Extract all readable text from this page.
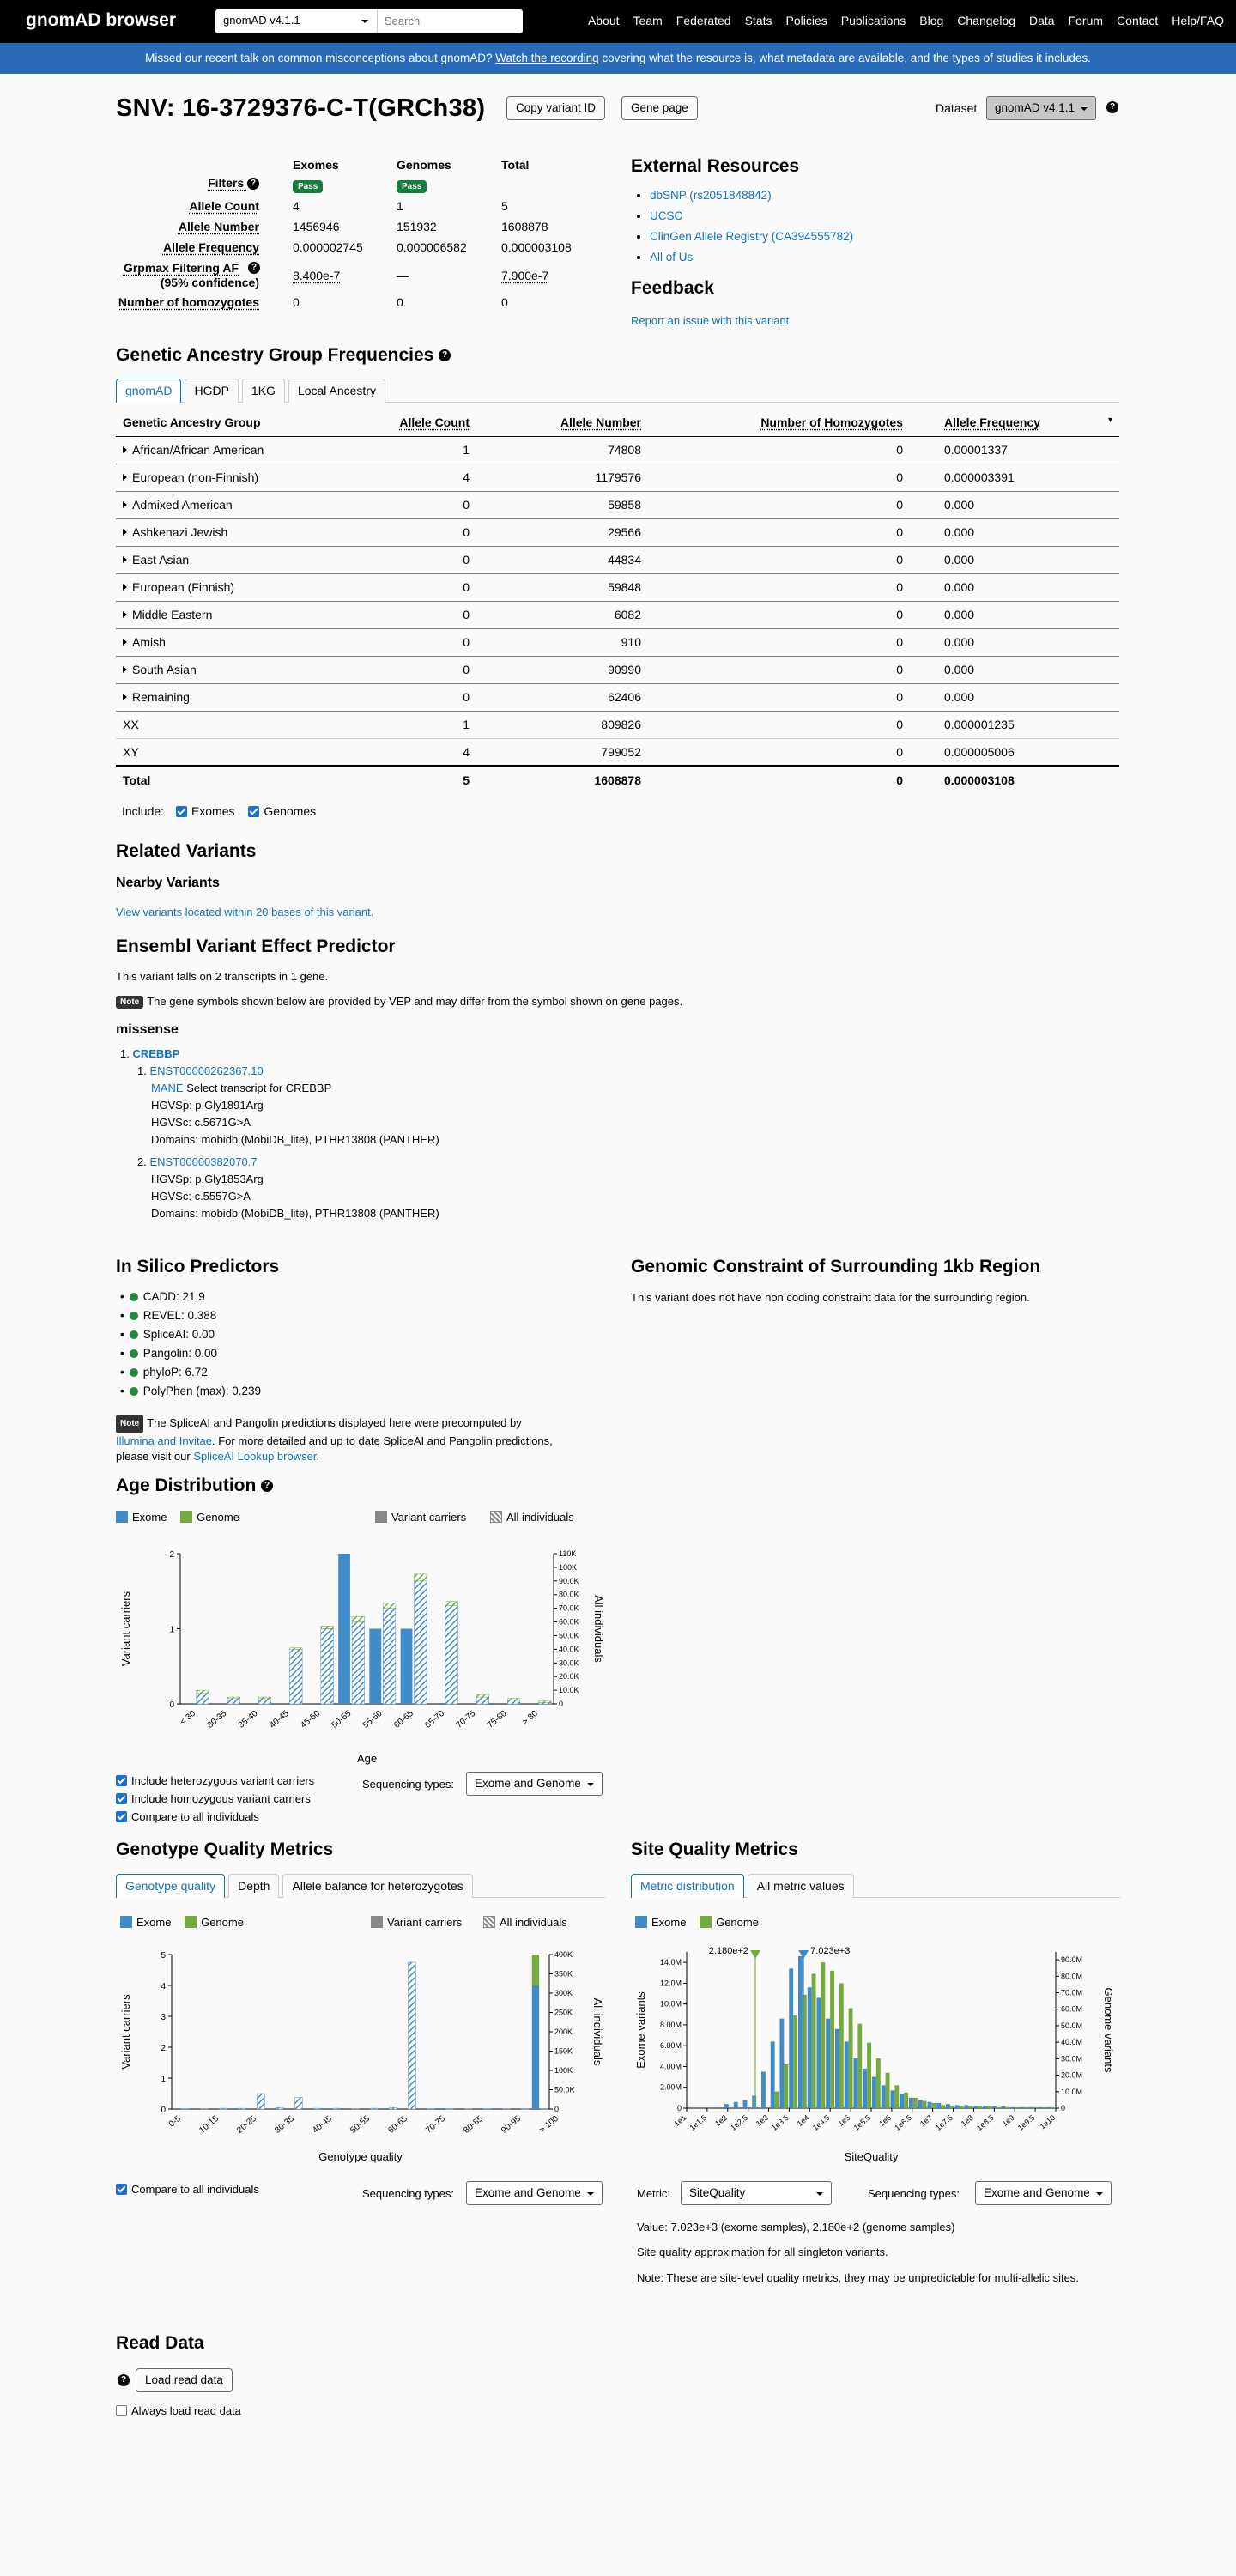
gnomAD browser	gnomAD v4.1.1	Search	About Team Federated Stats Policies Publications Blog Changelog Data Forum Contact Help/FAQ
Missed our recent talk on common misconceptions about gnomAD? Watch the recording covering what the resource is, what metadata are available, and the types of studies it includes.
SNV: 16-3729376-C-T(GRCh38)	Copy variant ID	Gene page	Dataset	gnomAD v4.1.1	?
Exomes	Genomes	Total
Filters ?	Pass	Pass
Allele Count	4	1	5
Allele Number	1456946	151932	1608878
Allele Frequency	0.000002745	0.000006582	0.000003108
Grpmax Filtering AF	?
(95% confidence)	8.400e-7	—	7.900e-7
Number of homozygotes	0	0	0
External Resources
• dbSNP (rs2051848842)
• UCSC
• ClinGen Allele Registry (CA394555782)
• All of Us
Feedback
Report an issue with this variant
Genetic Ancestry Group Frequencies ?
gnomAD	HGDP	1KG	Local Ancestry
Genetic Ancestry Group	Allele Count	Allele Number	Number of Homozygotes	Allele Frequency ▾

African/African American	1	74808	0	0.00001337
European (non-Finnish)	4	1179576	0	0.000003391
Admixed American	0	59858	0	0.000
Ashkenazi Jewish	0	29566	0	0.000
East Asian	0	44834	0	0.000
European (Finnish)	0	59848	0	0.000
Middle Eastern	0	6082	0	0.000
Amish	0	910	0	0.000
South Asian	0	90990	0	0.000
Remaining	0	62406	0	0.000
XX	1	809826	0	0.000001235
XY	4	799052	0	0.000005006
Total	5	1608878	0	0.000003108
Include: Exomes Genomes
Related Variants
Nearby Variants
View variants located within 20 bases of this variant.
Ensembl Variant Effect Predictor
This variant falls on 2 transcripts in 1 gene.
Note The gene symbols shown below are provided by VEP and may differ from the symbol shown on gene pages.
missense
1. CREBBP
1. ENST00000262367.10
MANE Select transcript for CREBBP
HGVSp: p.Gly1891Arg
HGVSc: c.5671G>A
Domains: mobidb (MobiDB_lite), PTHR13808 (PANTHER)
2. ENST00000382070.7
HGVSp: p.Gly1853Arg
HGVSc: c.5557G>A
Domains: mobidb (MobiDB_lite), PTHR13808 (PANTHER)
In Silico Predictors
• CADD: 21.9
• REVEL: 0.388
• SpliceAI: 0.00
• Pangolin: 0.00
• phyloP: 6.72
• PolyPhen (max): 0.239
Note The SpliceAI and Pangolin predictions displayed here were precomputed by
Illumina and Invitae. For more detailed and up to date SpliceAI and Pangolin predictions,
please visit our SpliceAI Lookup browser.
Genomic Constraint of Surrounding 1kb Region
This variant does not have non coding constraint data for the surrounding region.
Age Distribution ?
Exome	Genome	Variant carriers	All individuals
0
1
2
0
10.0K
20.0K
30.0K
40.0K
50.0K
60.0K
70.0K
80.0K
90.0K
100K
110K
< 30 30-35 35-40 40-45 45-50 50-55 55-60 60-65 65-70 70-75 75-80 > 80
Age
Variant carriers	All individuals
Include heterozygous variant carriers
Include homozygous variant carriers
Compare to all individuals
Sequencing types:	Exome and Genome
Genotype Quality Metrics
Genotype quality	Depth	Allele balance for heterozygotes
Exome	Genome	Variant carriers	All individuals
0
1
2
3
4
5
0
50.0K
100K
150K
200K
250K
300K
350K
400K
0-5 10-15 20-25 30-35 40-45 50-55 60-65 70-75 80-85 90-95 > 100
Genotype quality
Variant carriers	All individuals
Compare to all individuals	Sequencing types:	Exome and Genome
Site Quality Metrics
Metric distribution	All metric values
Exome	Genome
0
2.00M
4.00M
6.00M
8.00M
10.0M
12.0M
14.0M
0
10.0M
20.0M
30.0M
40.0M
50.0M
60.0M
70.0M
80.0M
90.0M
1e1 1e1.5 1e2 1e2.5 1e3 1e3.5 1e4 1e4.5 1e5 1e5.5 1e6 1e6.5 1e7 1e7.5 1e8 1e8.5 1e9 1e9.5 1e10
2.180e+2	7.023e+3
SiteQuality
Exome variants	Genome variants
Metric:	SiteQuality	Sequencing types:	Exome and Genome
Value: 7.023e+3 (exome samples), 2.180e+2 (genome samples)
Site quality approximation for all singleton variants.
Note: These are site-level quality metrics, they may be unpredictable for multi-allelic sites.
Read Data
?	Load read data
Always load read data
